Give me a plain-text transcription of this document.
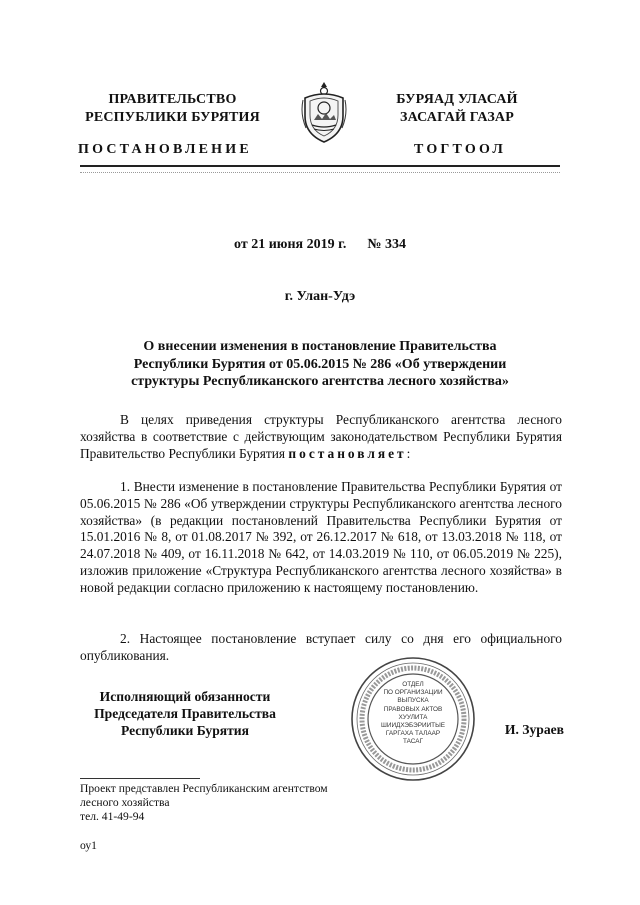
ПРАВИТЕЛЬСТВО
РЕСПУБЛИКИ БУРЯТИЯ
БУРЯАД УЛАСАЙ
ЗАСАГАЙ ГАЗАР
ПОСТАНОВЛЕНИЕ	ТОГТООЛ
от 21 июня 2019 г. № 334
г. Улан-Удэ
О внесении изменения в постановление Правительства
Республики Бурятия от 05.06.2015 № 286 «Об утверждении
структуры Республиканского агентства лесного хозяйства»
В целях приведения структуры Республиканского агентства лесного хозяйства в соответствие с действующим законодательством Республики Бурятия Правительство Республики Бурятия постановляет:
1. Внести изменение в постановление Правительства Республики Бурятия от 05.06.2015 № 286 «Об утверждении структуры Республиканского агентства лесного хозяйства» (в редакции постановлений Правительства Республики Бурятия от 15.01.2016 № 8, от 01.08.2017 № 392, от 26.12.2017 № 618, от 13.03.2018 № 118, от 24.07.2018 № 409, от 16.11.2018 № 642, от 14.03.2019 № 110, от 06.05.2019 № 225), изложив приложение «Структура Республиканского агентства лесного хозяйства» в новой редакции согласно приложению к настоящему постановлению.
2. Настоящее постановление вступает силу со дня его официального опубликования.
Исполняющий обязанности
Председателя Правительства
Республики Бурятия
ОТДЕЛ
ПО ОРГАНИЗАЦИИ
ВЫПУСКА
ПРАВОВЫХ АКТОВ
ХУУЛИТА
ШИИДХЭБЭРИИТЫЕ
ГАРГАХА ТАЛААР
ТАСАГ
И. Зураев
Проект представлен Республиканским агентством
лесного хозяйства
тел. 41-49-94
оу1
